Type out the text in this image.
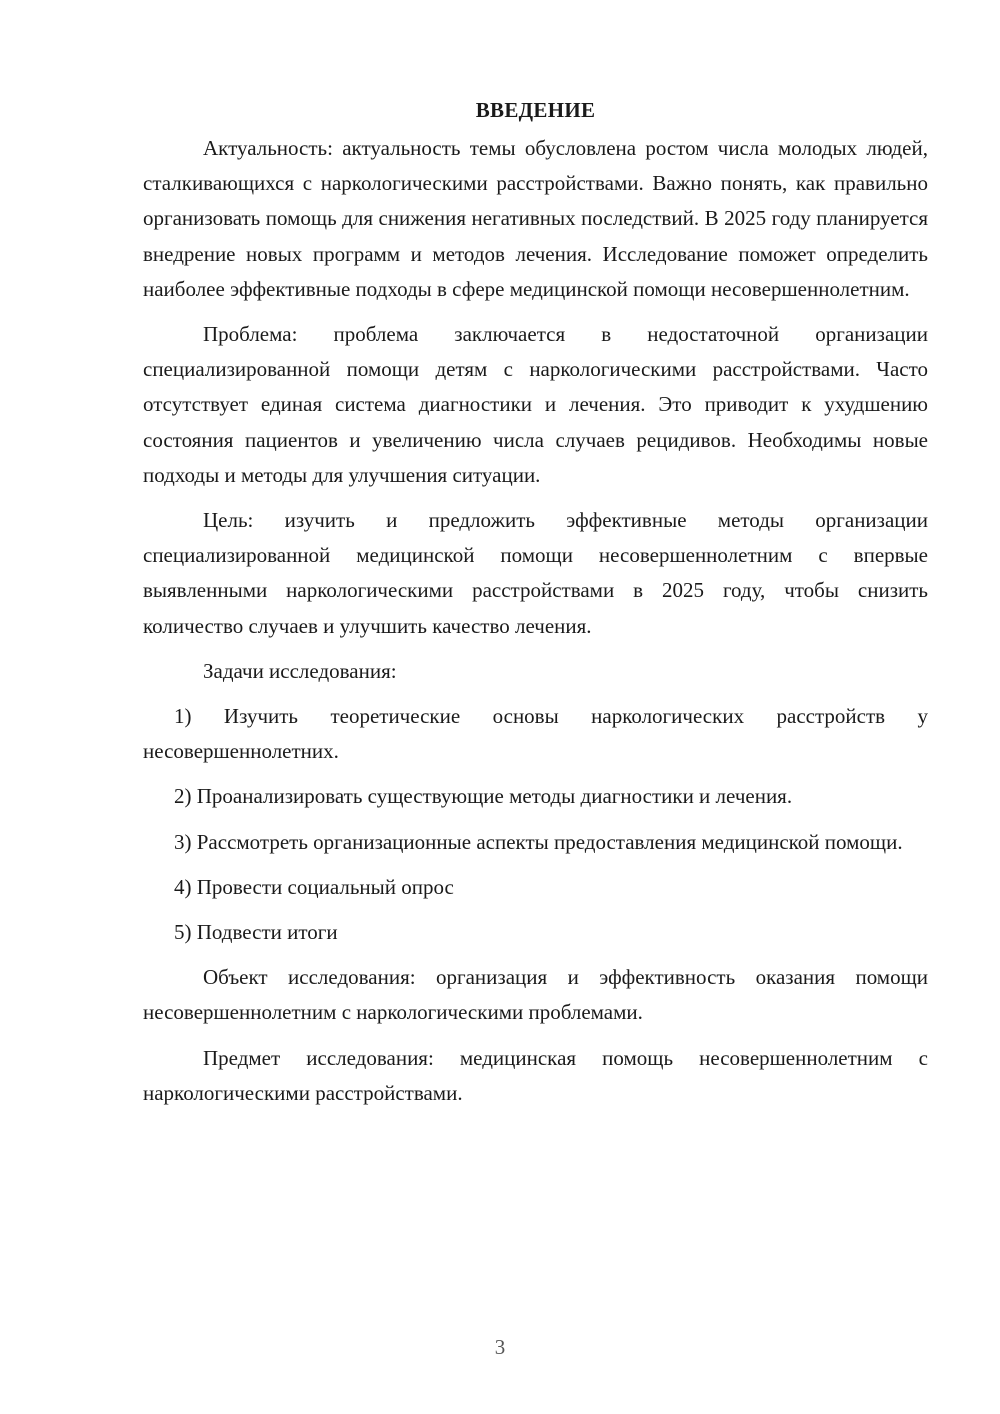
ВВЕДЕНИЕ

Актуальность: актуальность темы обусловлена ростом числа молодых людей, сталкивающихся с наркологическими расстройствами. Важно понять, как правильно организовать помощь для снижения негативных последствий. В 2025 году планируется внедрение новых программ и методов лечения. Исследование поможет определить наиболее эффективные подходы в сфере медицинской помощи несовершеннолетним.

Проблема: проблема заключается в недостаточной организации специализированной помощи детям с наркологическими расстройствами. Часто отсутствует единая система диагностики и лечения. Это приводит к ухудшению состояния пациентов и увеличению числа случаев рецидивов. Необходимы новые подходы и методы для улучшения ситуации.

Цель: изучить и предложить эффективные методы организации специализированной медицинской помощи несовершеннолетним с впервые выявленными наркологическими расстройствами в 2025 году, чтобы снизить количество случаев и улучшить качество лечения.

Задачи исследования:

1) Изучить теоретические основы наркологических расстройств у несовершеннолетних.

2) Проанализировать существующие методы диагностики и лечения.

3) Рассмотреть организационные аспекты предоставления медицинской помощи.

4) Провести социальный опрос

5) Подвести итоги

Объект исследования: организация и эффективность оказания помощи несовершеннолетним с наркологическими проблемами.

Предмет исследования: медицинская помощь несовершеннолетним с наркологическими расстройствами.

3
